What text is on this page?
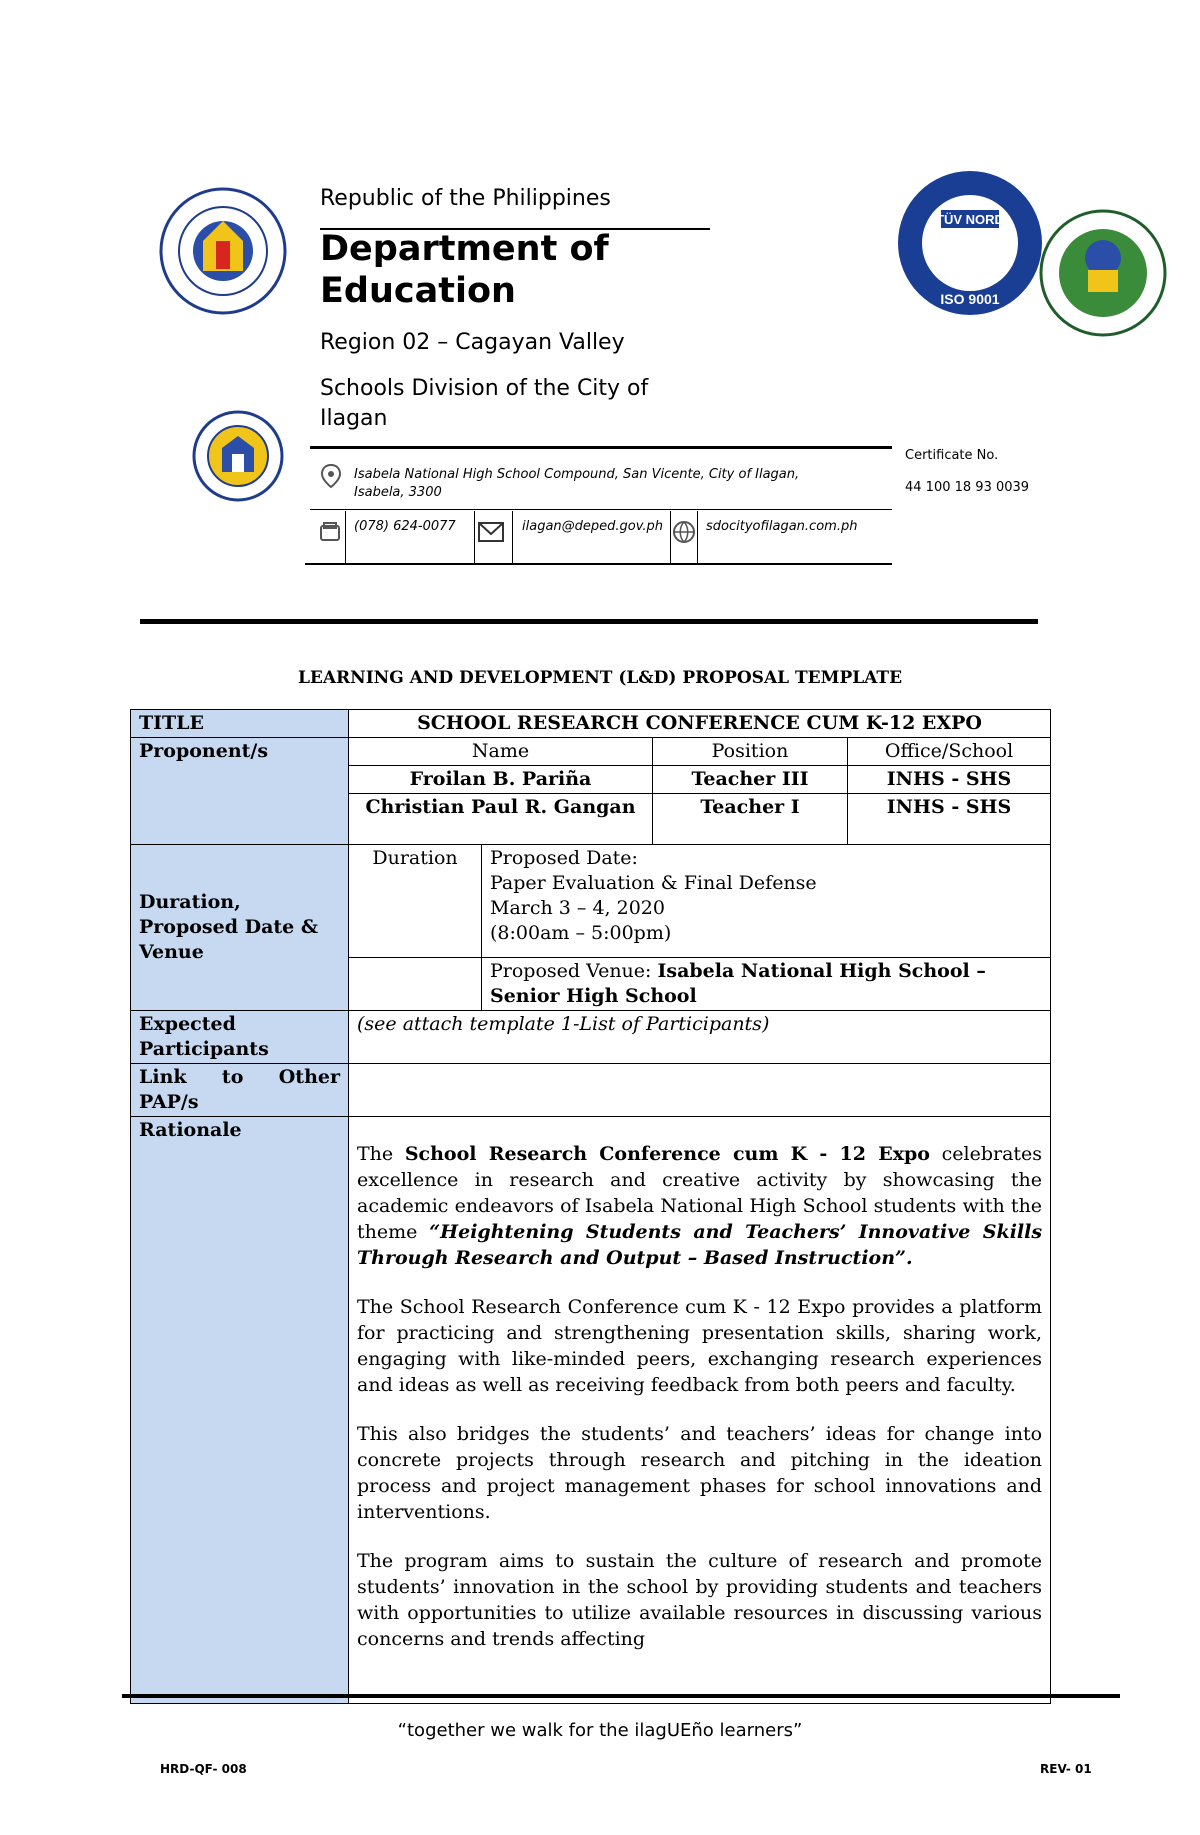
TÜV NORD
ISO 9001
Republic of the Philippines
Department of Education
Region 02 – Cagayan Valley
Schools Division of the City of Ilagan
Isabela National High School Compound, San Vicente, City of Ilagan, Isabela, 3300
Certificate No.
44 100 18 93 0039
(078) 624-0077	ilagan@deped.gov.ph	sdocityofilagan.com.ph
LEARNING AND DEVELOPMENT (L&D) PROPOSAL TEMPLATE
TITLE	SCHOOL RESEARCH CONFERENCE CUM K-12 EXPO			
Proponent/s	Name		Position	Office/School
	Froilan B. Pariña		Teacher III	INHS - SHS
	Christian Paul R. Gangan		Teacher I	INHS - SHS
Duration, Proposed Date & Venue	Duration	Proposed Date:
Paper Evaluation & Final Defense
March 3 – 4, 2020
(8:00am – 5:00pm)		

		Proposed Venue: Isabela National High School – Senior High School		
Expected Participants	(see attach template 1-List of Participants)			
Link to Other PAP/s				
Rationale	The School Research Conference cum K - 12 Expo celebrates excellence in research and creative activity by showcasing the academic endeavors of Isabela National High School students with the theme “Heightening Students and Teachers’ Innovative Skills Through Research and Output – Based Instruction”.

The School Research Conference cum K - 12 Expo provides a platform for practicing and strengthening presentation skills, sharing work, engaging with like-minded peers, exchanging research experiences and ideas as well as receiving feedback from both peers and faculty.

This also bridges the students’ and teachers’ ideas for change into concrete projects through research and pitching in the ideation process and project management phases for school innovations and interventions.

The program aims to sustain the culture of research and promote students’ innovation in the school by providing students and teachers with opportunities to utilize available resources in discussing various concerns and trends affecting			

“together we walk for the ilagUEño learners”
HRD-QF- 008	REV- 01
